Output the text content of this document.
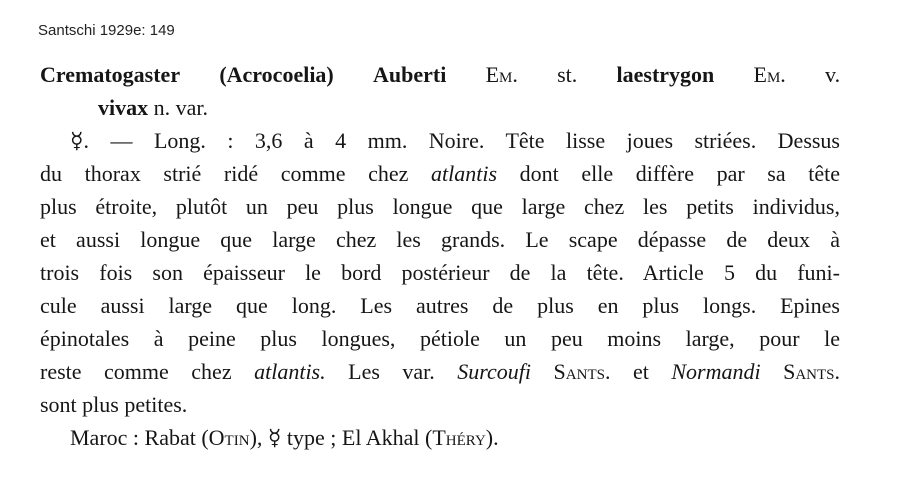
Santschi 1929e: 149
Crematogaster (Acrocoelia) Auberti Em. st. laestrygon Em. v.
vivax n. var.
☿. — Long. : 3,6 à 4 mm. Noire. Tête lisse joues striées. Dessus
du thorax strié ridé comme chez atlantis dont elle diffère par sa tête
plus étroite, plutôt un peu plus longue que large chez les petits individus,
et aussi longue que large chez les grands. Le scape dépasse de deux à
trois fois son épaisseur le bord postérieur de la tête. Article 5 du funi-
cule aussi large que long. Les autres de plus en plus longs. Epines
épinotales à peine plus longues, pétiole un peu moins large, pour le
reste comme chez atlantis. Les var. Surcoufi Sants. et Normandi Sants.
sont plus petites.
Maroc : Rabat (Otin), ☿ type ; El Akhal (Théry).
